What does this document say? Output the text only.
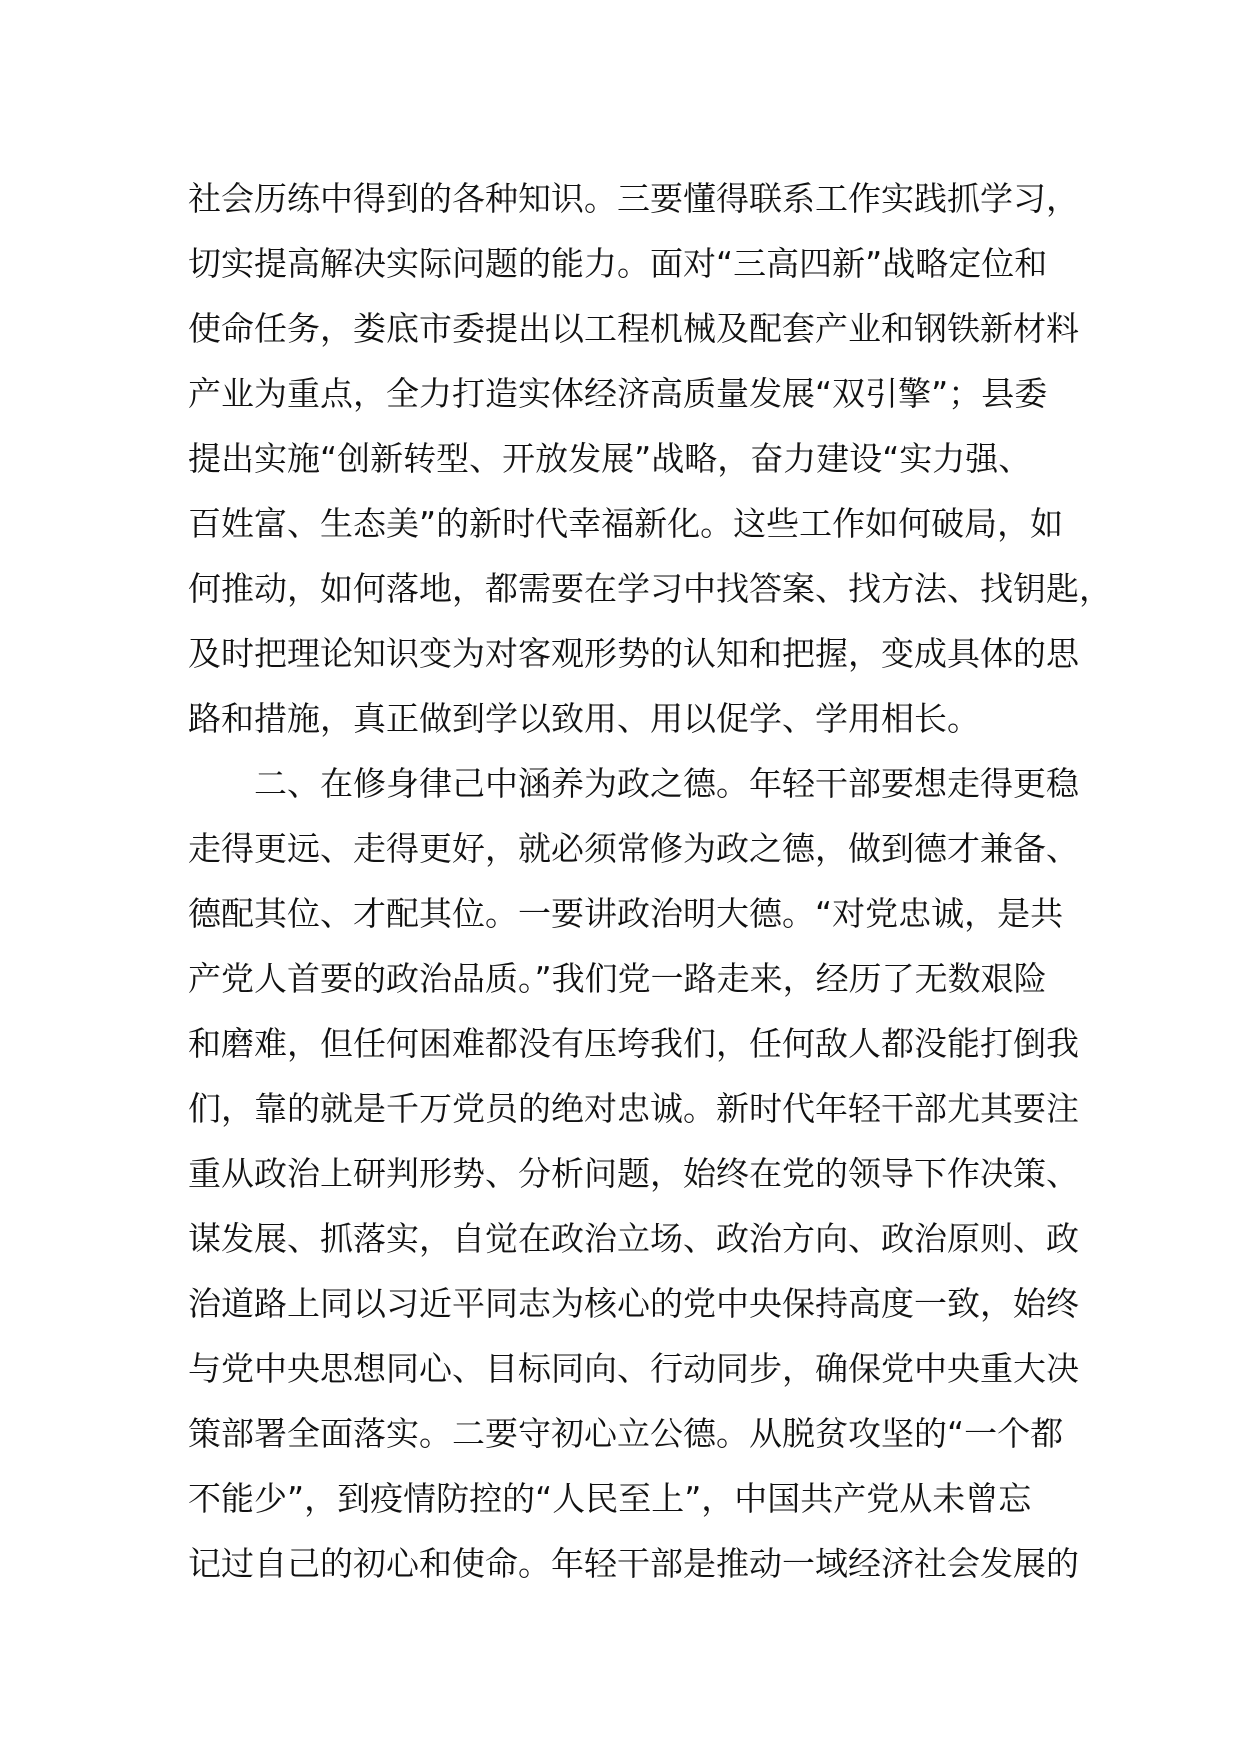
社会历练中得到的各种知识。三要懂得联系工作实践抓学习，
切实提高解决实际问题的能力。面对“三高四新”战略定位和
使命任务，娄底市委提出以工程机械及配套产业和钢铁新材料
产业为重点，全力打造实体经济高质量发展“双引擎”；县委
提出实施“创新转型、开放发展”战略，奋力建设“实力强、
百姓富、生态美”的新时代幸福新化。这些工作如何破局，如
何推动，如何落地，都需要在学习中找答案、找方法、找钥匙，
及时把理论知识变为对客观形势的认知和把握，变成具体的思
路和措施，真正做到学以致用、用以促学、学用相长。
　　二、在修身律己中涵养为政之德。年轻干部要想走得更稳
走得更远、走得更好，就必须常修为政之德，做到德才兼备、
德配其位、才配其位。一要讲政治明大德。“对党忠诚，是共
产党人首要的政治品质。”我们党一路走来，经历了无数艰险
和磨难，但任何困难都没有压垮我们，任何敌人都没能打倒我
们，靠的就是千万党员的绝对忠诚。新时代年轻干部尤其要注
重从政治上研判形势、分析问题，始终在党的领导下作决策、
谋发展、抓落实，自觉在政治立场、政治方向、政治原则、政
治道路上同以习近平同志为核心的党中央保持高度一致，始终
与党中央思想同心、目标同向、行动同步，确保党中央重大决
策部署全面落实。二要守初心立公德。从脱贫攻坚的“一个都
不能少”，到疫情防控的“人民至上”，中国共产党从未曾忘
记过自己的初心和使命。年轻干部是推动一域经济社会发展的
